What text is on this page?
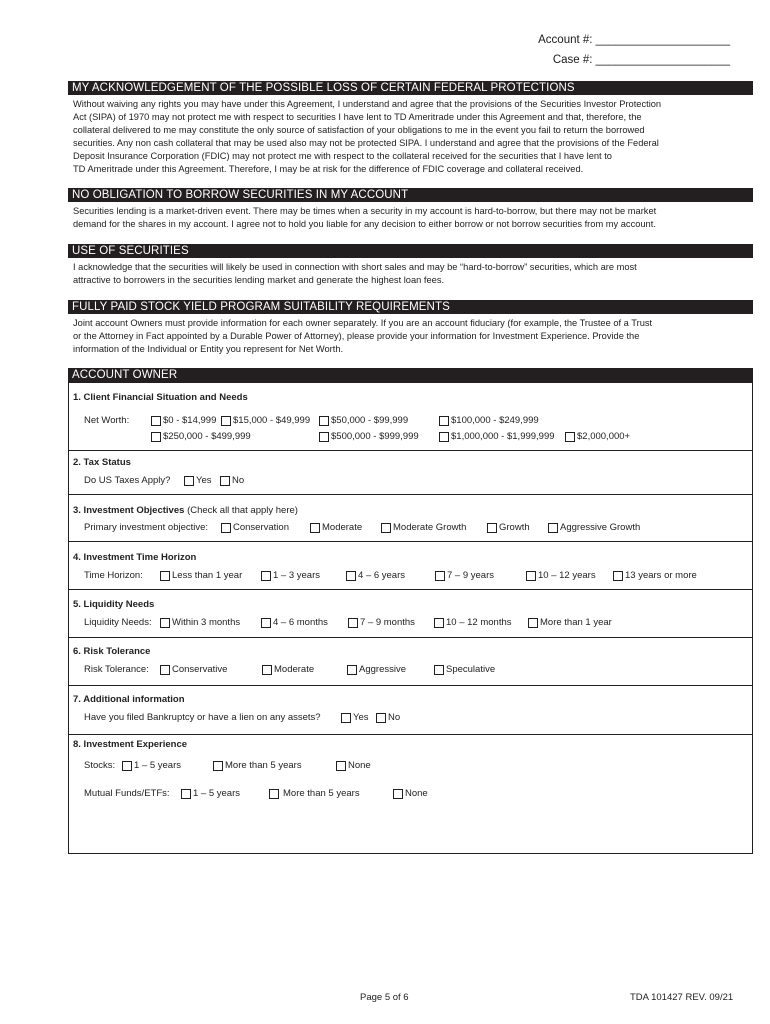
Account #: _____________________
Case #: _____________________
MY ACKNOWLEDGEMENT OF THE POSSIBLE LOSS OF CERTAIN FEDERAL PROTECTIONS
Without waiving any rights you may have under this Agreement, I understand and agree that the provisions of the Securities Investor Protection
Act (SIPA) of 1970 may not protect me with respect to securities I have lent to TD Ameritrade under this Agreement and that, therefore, the
collateral delivered to me may constitute the only source of satisfaction of your obligations to me in the event you fail to return the borrowed
securities. Any non cash collateral that may be used also may not be protected SIPA. I understand and agree that the provisions of the Federal
Deposit Insurance Corporation (FDIC) may not protect me with respect to the collateral received for the securities that I have lent to
TD Ameritrade under this Agreement. Therefore, I may be at risk for the difference of FDIC coverage and collateral received.
NO OBLIGATION TO BORROW SECURITIES IN MY ACCOUNT
Securities lending is a market-driven event. There may be times when a security in my account is hard-to-borrow, but there may not be market
demand for the shares in my account. I agree not to hold you liable for any decision to either borrow or not borrow securities from my account.
USE OF SECURITIES
I acknowledge that the securities will likely be used in connection with short sales and may be “hard-to-borrow” securities, which are most
attractive to borrowers in the securities lending market and generate the highest loan fees.
FULLY PAID STOCK YIELD PROGRAM SUITABILITY REQUIREMENTS
Joint account Owners must provide information for each owner separately. If you are an account fiduciary (for example, the Trustee of a Trust
or the Attorney in Fact appointed by a Durable Power of Attorney), please provide your information for Investment Experience. Provide the
information of the Individual or Entity you represent for Net Worth.
ACCOUNT OWNER
1. Client Financial Situation and Needs
Net Worth:	$0 - $14,999 $15,000 - $49,999 $50,000 - $99,999	$100,000 - $249,999
$250,000 - $499,999	$500,000 - $999,999	$1,000,000 - $1,999,999 $2,000,000+
2. Tax Status
Do US Taxes Apply?	Yes No
3. Investment Objectives (Check all that apply here)
Primary investment objective:	Conservation	Moderate	Moderate Growth	Growth	Aggressive Growth
4. Investment Time Horizon
Time Horizon:	Less than 1 year	1 – 3 years	4 – 6 years	7 – 9 years	10 – 12 years	13 years or more
5. Liquidity Needs
Liquidity Needs: Within 3 months	4 – 6 months	7 – 9 months	10 – 12 months	More than 1 year
6. Risk Tolerance
Risk Tolerance: Conservative	Moderate	Aggressive	Speculative
7. Additional information
Have you filed Bankruptcy or have a lien on any assets?	Yes No
8. Investment Experience
Stocks: 1 – 5 years	More than 5 years	None
Mutual Funds/ETFs: 1 – 5 years	More than 5 years	None
Page 5 of 6	TDA 101427 REV. 09/21
